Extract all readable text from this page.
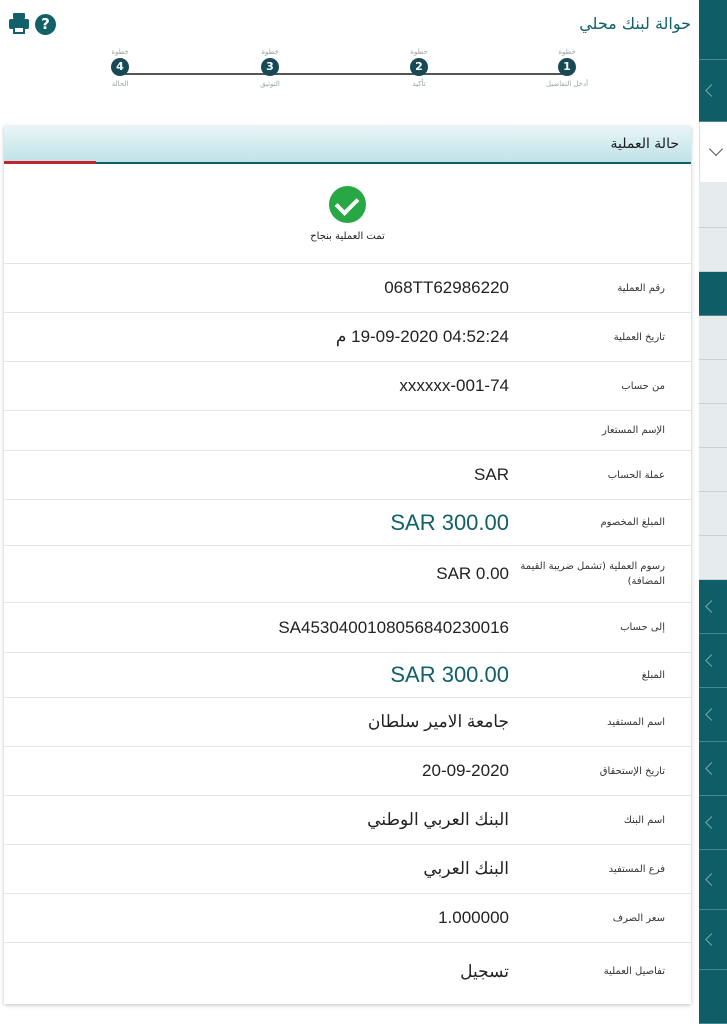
حوالة لبنك محلي
?
خطوة
1
أدخل التفاصيل
خطوة
2
تأكيد
خطوة
3
التوثيق
خطوة
4
الحالة
حالة العملية
تمت العملية بنجاح
رقم العملية
068TT62986220
تاريخ العملية
04:52:24 19-09-2020 م
من حساب
xxxxxx-001-74
الإسم المستعار
عملة الحساب
SAR
المبلغ المخصوم
SAR 300.00
رسوم العملية (تشمل ضريبة القيمة المضافة)
SAR 0.00
إلى حساب
SA4530400108056840230016
المبلغ
SAR 300.00
اسم المستفيد
جامعة الامير سلطان
تاريخ الإستحقاق
20-09-2020
اسم البنك
البنك العربي الوطني
فرع المستفيد
البنك العربي
سعر الصرف
1.000000
تفاصيل العملية
تسجيل
